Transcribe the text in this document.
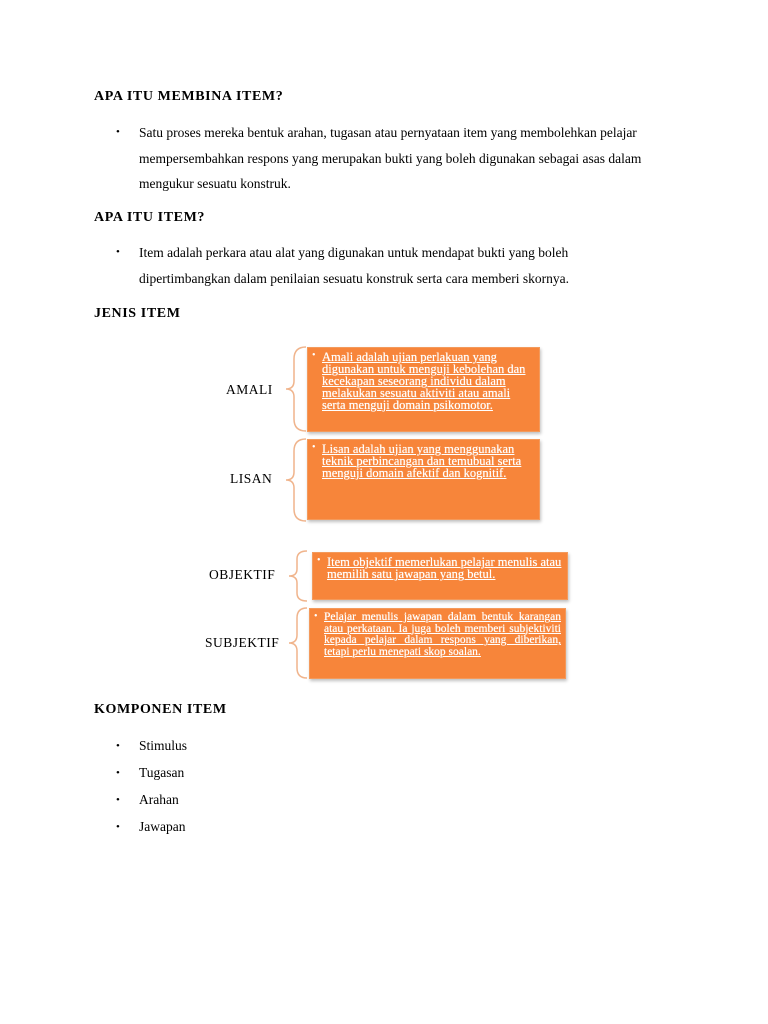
APA ITU MEMBINA ITEM?
• Satu proses mereka bentuk arahan, tugasan atau pernyataan item yang membolehkan pelajar mempersembahkan respons yang merupakan bukti yang boleh digunakan sebagai asas dalam mengukur sesuatu konstruk.
APA ITU ITEM?
• Item adalah perkara atau alat yang digunakan untuk mendapat bukti yang boleh dipertimbangkan dalam penilaian sesuatu konstruk serta cara memberi skornya.
JENIS ITEM
AMALI
• Amali adalah ujian perlakuan yang digunakan untuk menguji kebolehan dan kecekapan seseorang individu dalam melakukan sesuatu aktiviti atau amali serta menguji domain psikomotor.
LISAN
• Lisan adalah ujian yang menggunakan teknik perbincangan dan temubual serta menguji domain afektif dan kognitif.
OBJEKTIF
• Item objektif memerlukan pelajar menulis atau memilih satu jawapan yang betul.
SUBJEKTIF
• Pelajar menulis jawapan dalam bentuk karangan atau perkataan. Ia juga boleh memberi subjektiviti kepada pelajar dalam respons yang diberikan, tetapi perlu menepati skop soalan.
KOMPONEN ITEM
• Stimulus
• Tugasan
• Arahan
• Jawapan
